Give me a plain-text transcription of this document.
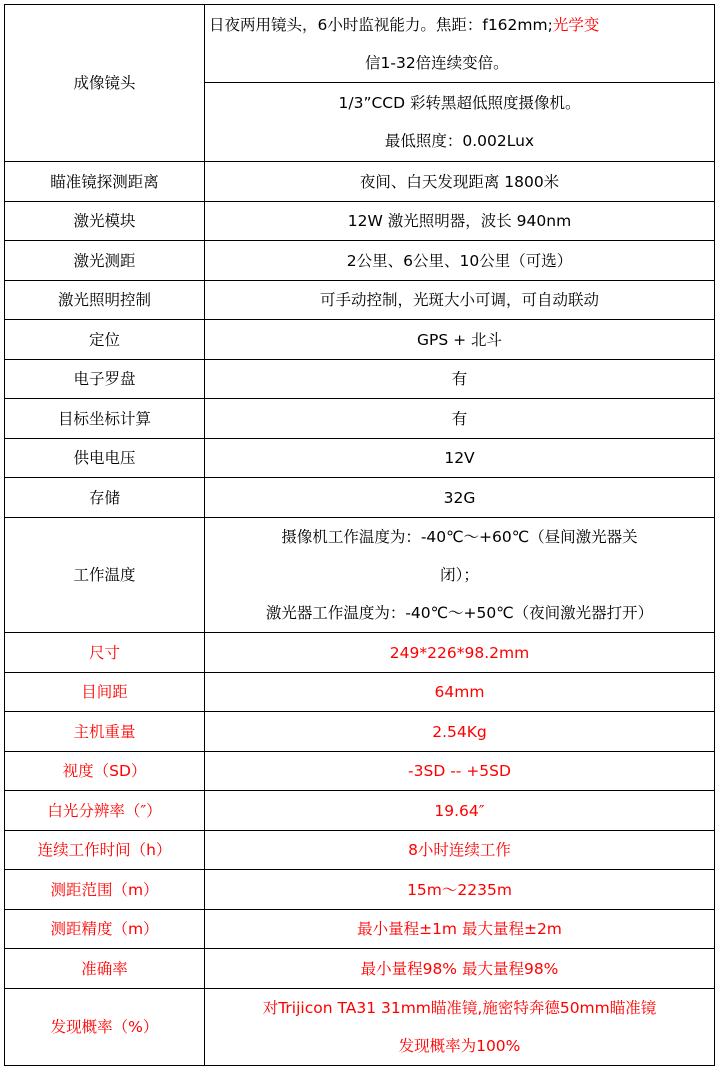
成像镜头	日夜两用镜头，6小时监视能力。焦距：f162mm;光学变
信1-32倍连续变倍。

	1/3”CCD 彩转黑超低照度摄像机。
最低照度：0.002Lux

瞄准镜探测距离	夜间、白天发现距离 1800米
激光模块	12W 激光照明器，波长 940nm
激光测距	2公里、6公里、10公里（可选）
激光照明控制	可手动控制，光斑大小可调，可自动联动
定位	GPS + 北斗
电子罗盘	有
目标坐标计算	有
供电电压	12V
存储	32G
工作温度	摄像机工作温度为：-40℃～+60℃（昼间激光器关
闭）；
激光器工作温度为：-40℃～+50℃（夜间激光器打开）

尺寸	249*226*98.2mm
目间距	64mm
主机重量	2.54Kg
视度（SD）	-3SD -- +5SD
白光分辨率（″）	19.64″
连续工作时间（h）	8小时连续工作
测距范围（m）	15m～2235m
测距精度（m）	最小量程±1m 最大量程±2m
准确率	最小量程98% 最大量程98%
发现概率（%）	对Trijicon TA31 31mm瞄准镜,施密特奔德50mm瞄准镜
发现概率为100%
